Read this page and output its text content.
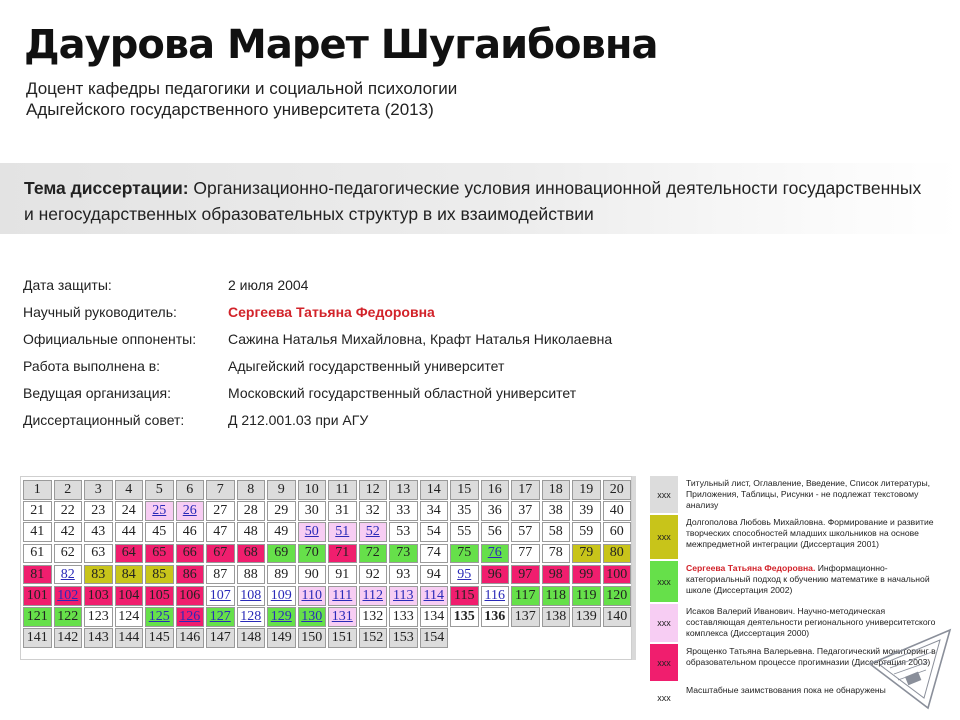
Даурова Марет Шугаибовна
Доцент кафедры педагогики и социальной психологии
Адыгейского государственного университета (2013)
Тема диссертации: Организационно-педагогические условия инновационной деятельности государственных и негосударственных образовательных структур в их взаимодействии
Дата защиты:	2 июля 2004
Научный руководитель:	Сергеева Татьяна Федоровна
Официальные оппоненты: Сажина Наталья Михайловна, Крафт Наталья Николаевна
Работа выполнена в:	Адыгейский государственный университет
Ведущая организация:	Московский государственный областной университет
Диссертационный совет:	Д 212.001.03 при АГУ
1	2	3	4	5	6	7	8	9	10	11	12	13	14	15	16	17	18	19	20
21	22	23	24	25	26	27	28	29	30	31	32	33	34	35	36	37	38	39	40
41	42	43	44	45	46	47	48	49	50	51	52	53	54	55	56	57	58	59	60
61	62	63	64	65	66	67	68	69	70	71	72	73	74	75	76	77	78	79	80
81	82	83	84	85	86	87	88	89	90	91	92	93	94	95	96	97	98	99 100
101 102 103 104 105 106 107 108 109 110 111 112 113 114 115 116 117 118 119 120
121 122 123 124 125 126 127 128 129 130 131 132 133 134 135 136 137 138 139 140
141 142 143 144 145 146 147 148 149 150 151 152 153 154
xxx
Титульный лист, Оглавление, Введение, Список литературы, Приложения, Таблицы, Рисунки - не подлежат текстовому анализу
xxx
Долгополова Любовь Михайловна. Формирование и развитие творческих способностей младших школьников на основе межпредметной интеграции (Диссертация 2001)
xxx
Сергеева Татьяна Федоровна. Информационно-категориальный подход к обучению математике в начальной школе (Диссертация 2002)
xxx
Исаков Валерий Иванович. Научно-методическая составляющая деятельности регионального университетского комплекса (Диссертация 2000)
xxx
Ярощенко Татьяна Валерьевна. Педагогический мониторинг в образовательном процессе прогимназии (Диссертация 2003)
xxx
Масштабные заимствования пока не обнаружены
